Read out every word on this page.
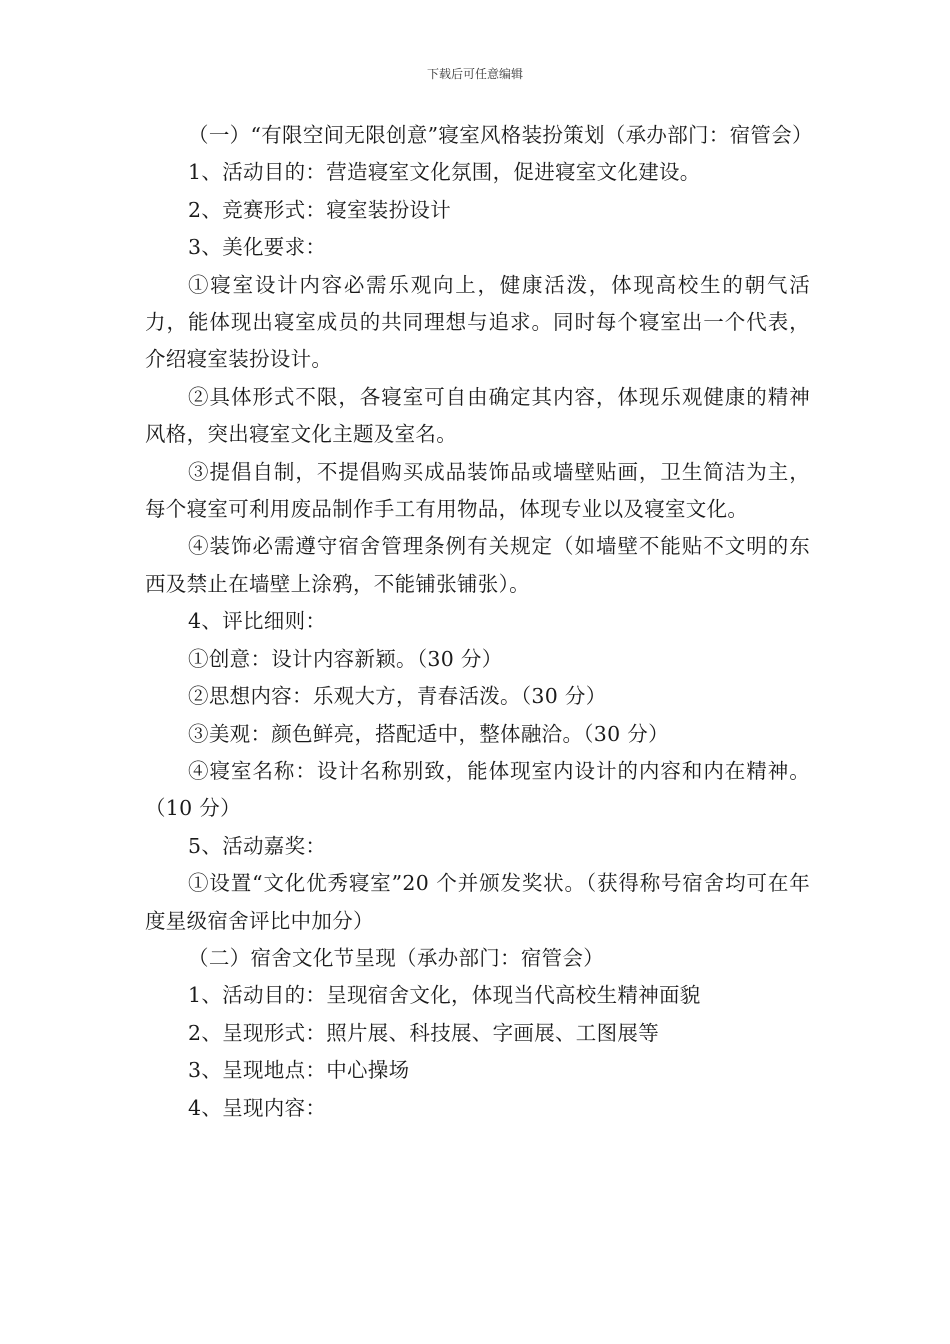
下载后可任意编辑

（一）“有限空间无限创意”寝室风格装扮策划（承办部门：宿管会）

1、活动目的：营造寝室文化氛围，促进寝室文化建设。

2、竞赛形式：寝室装扮设计

3、美化要求：

①寝室设计内容必需乐观向上，健康活泼，体现高校生的朝气活力，能体现出寝室成员的共同理想与追求。同时每个寝室出一个代表，介绍寝室装扮设计。

②具体形式不限，各寝室可自由确定其内容，体现乐观健康的精神风格，突出寝室文化主题及室名。

③提倡自制，不提倡购买成品装饰品或墙壁贴画，卫生简洁为主，每个寝室可利用废品制作手工有用物品，体现专业以及寝室文化。

④装饰必需遵守宿舍管理条例有关规定（如墙壁不能贴不文明的东西及禁止在墙壁上涂鸦，不能铺张铺张）。

4、评比细则：

①创意：设计内容新颖。（30 分）

②思想内容：乐观大方，青春活泼。（30 分）

③美观：颜色鲜亮，搭配适中，整体融洽。（30 分）

④寝室名称：设计名称别致，能体现室内设计的内容和内在精神。（10 分）

5、活动嘉奖：

①设置“文化优秀寝室”20 个并颁发奖状。（获得称号宿舍均可在年度星级宿舍评比中加分）

（二）宿舍文化节呈现（承办部门：宿管会）

1、活动目的：呈现宿舍文化，体现当代高校生精神面貌

2、呈现形式：照片展、科技展、字画展、工图展等

3、呈现地点：中心操场

4、呈现内容：
